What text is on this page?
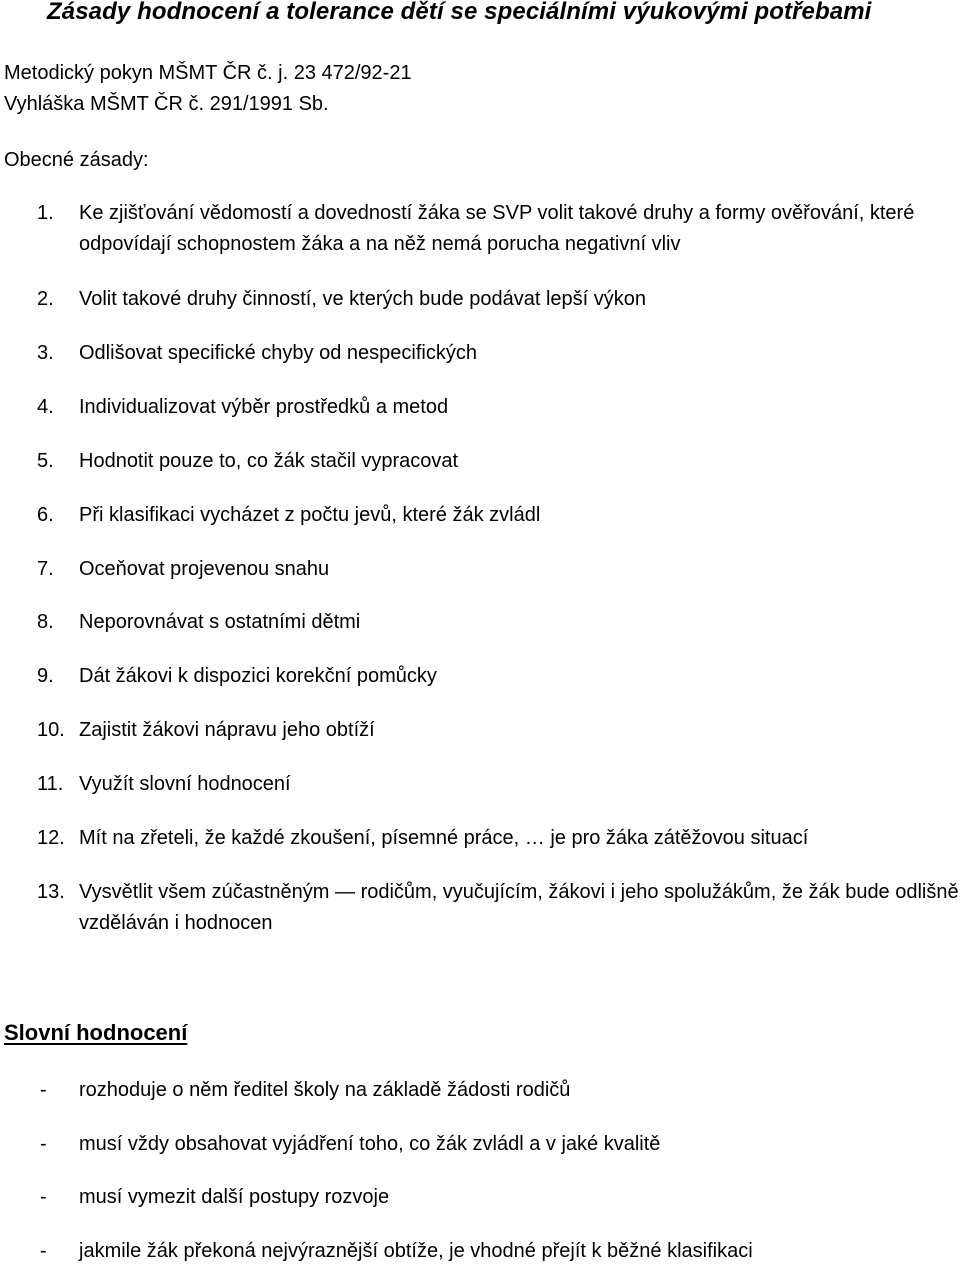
Zásady hodnocení a tolerance dětí se speciálními výukovými potřebami
Metodický pokyn MŠMT ČR č. j. 23 472/92-21
Vyhláška MŠMT ČR č. 291/1991 Sb.
Obecné zásady:
1.	Ke zjišťování vědomostí a dovedností žáka se SVP volit takové druhy a formy ověřování, které odpovídají schopnostem žáka a na něž nemá porucha negativní vliv
2.	Volit takové druhy činností, ve kterých bude podávat lepší výkon
3.	Odlišovat specifické chyby od nespecifických
4.	Individualizovat výběr prostředků a metod
5.	Hodnotit pouze to, co žák stačil vypracovat
6.	Při klasifikaci vycházet z počtu jevů, které žák zvládl
7.	Oceňovat projevenou snahu
8.	Neporovnávat s ostatními dětmi
9.	Dát žákovi k dispozici korekční pomůcky
10. Zajistit žákovi nápravu jeho obtíží
11. Využít slovní hodnocení
12. Mít na zřeteli, že každé zkoušení, písemné práce, … je pro žáka zátěžovou situací
13. Vysvětlit všem zúčastněným — rodičům, vyučujícím, žákovi i jeho spolužákům, že žák bude odlišně vzděláván i hodnocen
Slovní hodnocení
- rozhoduje o něm ředitel školy na základě žádosti rodičů
- musí vždy obsahovat vyjádření toho, co žák zvládl a v jaké kvalitě
- musí vymezit další postupy rozvoje
- jakmile žák překoná nejvýraznější obtíže, je vhodné přejít k běžné klasifikaci
